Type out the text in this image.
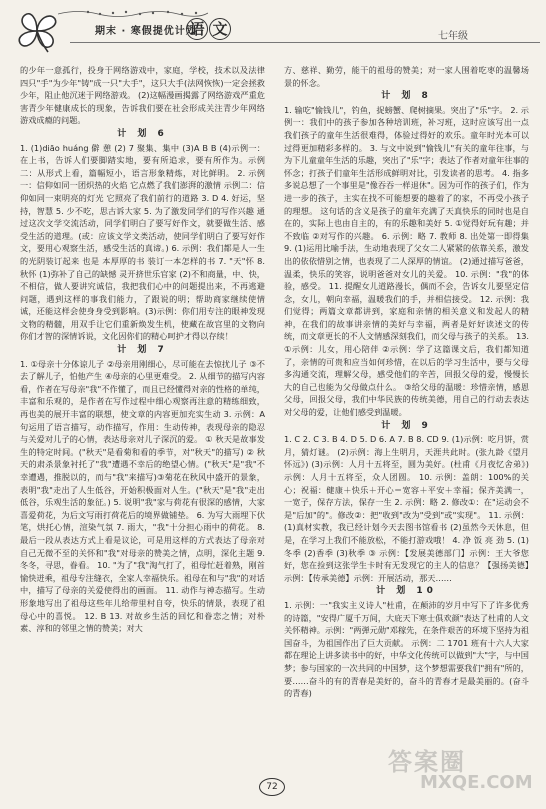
期末 · 寒假提优计划
语 文	七年级

的少年一意孤行，投身于网络游戏中，家庭，学校，技术以及法律四只"手"为少年"铸"成一只"大手"，这只大手(法网恢恢)一定会拯救少年，阻止他沉迷于网络游戏。 (2)这幅漫画揭露了网络游戏严重危害青少年健康成长的现象，告诉我们要在社会形成关注青少年网络游戏成瘾的问题。

计 划 6

1. (1)diāo huáng 僻 憩 (2) 7 聚集、集中 (3)A B B (4)示例一：在上书，告诉人们要脚踏实地，要有所追求，要有所作为。示例二：从形式上看，篇幅短小，语言形象精炼，对比鲜明。 2. 示例一：信仰如同一团炽热的火焰 它点燃了我们澎湃的激情 示例二：信仰如同一束明亮的灯光 它照亮了我们前行的道路 3. D 4. 好运，坚持，智慧 5. 少不吃，思古诉大家 5. 为了激发同学们的写作兴趣 通过这次文学交流活动，同学们明白了要写好作文，就要做生活、感受生活的道理。(或：应该文学文类活动，使同学们明白了要写好作文，要用心观察生活，感受生活的真谛。) 6. 示例：我们都是人一生的光阴装订起来 也是 本厚厚的书 装订一本怎样的书 7. "天"怀 8. 秋怀 (1)弥补了自己的缺憾 灵开挤世乐官家 (2)不和商量，中、快，不相信，做人要讲究诚信，我把我们心中的问题提出来，不再逃避问题，遇到这样的事我们能力，了跟说的明；帮助商家继续使情诚，还能这样会使身身受到影响。(3)示例：你们用专注的眼神发现文物的精髓，用双手让它们重新焕发生机，使藏在故宫里的文物向你们才智的深情诉说，文化因你们的精心呵护才得以存续！

计 划 7

1. ①母亲十分体谅儿子 ②母亲用刚细心，尽可能在去惊扰儿子 ③不去了解儿子，怕他产生 ④母亲的心里更难受。 2. 从细节的描写内容看，作者在写母亲"我"不作懂了，而且已经懂得对亲的性格的单纯，丰富和乐观的，是作者在写作过程中细心观察再注意的精练细致，再也美的展开丰富的联想，使文章的内容更加充实生动 3. 示例：A句运用了语言描写，动作描写，作用：生动传神，表现母亲的隐忍与关爱对儿子的心情，表达母亲对儿子深沉的爱。 ① 秋天是故事发生的特定时间。("秋天"是看菊和看的季节，对"秋天"的描写) ② 秋天的肃杀景象衬托了"我"遭遇不幸后的绝望心情。("秋天"是"我"不幸遭遇，推脱以的，而与"我"来描写)③菊花在秋风中盛开的景象，表明"我"走出了人生低谷，开始积极面对人生。("秋天"是"我"走出低谷，乐观生活的象征。) 5. 说明"我"家与荷花有很深的感情，大家喜爱荷花，为后文写雨打荷花后的境界做铺垫。 6. 为写大雨埋下伏笔，烘托心情，渲染气氛 7. 雨大，"我"十分担心雨中的荷花。 8. 最后一段从表达方式上看是议论，可是用这样的方式表达了母亲对自己无微不至的关怀和"我"对母亲的赞美之情，点明，深化主题 9. 冬冬，寻思，眷看。 10. "为了"我"淘气打了，祖母忙赶着熟，刚首愉快迸乘，祖母专注缝衣，全家人幸福快乐。祖母在和与"我"的对话中，描写了母亲的关爱使得出的画面。 11. 动作与神态描写。生动形象地写出了祖母这些年儿给带里村自夸，快乐的情景，表现了祖母心中的喜悦。 12. B 13. 对故乡生活的回忆和眷恋之情；对朴素、淳和的邻里之情的赞美；对大

方、慈祥、勤劳，能干的祖母的赞美；对一家人围着吃枣的温馨场景的怀念。

计 划 8

1. 输吃"愉钱儿"，钓鱼，捉螃蟹、爬树摘果。突出了"乐"字。 2. 示例一：我们中的孩子参加各种培训班，补习班，这时应该写出一点我们孩子的童年生活很难得，体验过得好的欢乐。童年时光本可以过得更加精彩多样的。 3. 与文中说到"愉钱儿"有关的童年往事，与为下儿童童年生活的乐趣，突出了"乐"字；表达了作者对童年往事的怀念；打孩子们童年生活形成鲜明对比，引发读者的思考。 4. 指多多说总想了一个事里是"像吞吞一样退休"。因为可作的孩子们，作为进一步的孩子，主实在找不可能想要的趣着了的家，不再受小孩子的理想。 这句话的含义是孩子的童年充满了天真快乐的同时也是自在的，实际上也由自主的，有的乐趣和美好 5. ①觉得好玩有趣；并不致临 ②对写作的兴趣。 6. 示例：略 7. 教师 8. 出处第一即得集 9. (1)运用比喻手法，生动地表现了父女二人紧紧的依靠关系，激发出的依依惜别之情，也表现了二人深厚的情谊。 (2)通过描写爸爸，温柔，快乐的笑容，说明爸爸对女儿的关爱。 10. 示例："我"的体验，感受。 11. 提醒女儿道路漫长，偶而不会，告诉女儿要坚定信念，女儿，朝向幸福，温暖我们的手，并相信接受。 12. 示例：我们觉得；两篇文章都讲到，家庭和亲情的相关意义和发起人的精神，在我们的故事讲亲情的美好与幸福，两者是好好读述文的传统，而文章更长的不人文情感深刻我们，而父母与孩子的关系。 13. ①示例：儿女，用心陪伴 ②示例：学了这篇课文后，我们都知道了，亲情的可贵和应当如何珍惜，在以后的学习生活中，要与父母多沟通交流，理解父母，感受他们的辛苦，回报父母的爱，慢慢长大的自己也能为父母做点什么。 ③给父母的温暖：珍惜亲情，感恩父母，回报父母，我们中华民族的传统美德，用自己的行动去表达对父母的爱，让他们感受到温暖。

计 划 9

1. C 2. C 3. B 4. D 5. D 6. A 7. B 8. CD 9. (1)示例：吃月饼，赏月，猜灯谜。 (2)示例：海上生明月，天涯共此时。(张九龄《望月怀远》) (3)示例：人月十五将至，圆为美好。(杜甫《月夜忆舍弟》) 示例：人月十五将至，众人团圆。 10. 示例：盖朗：100%的关心；祝福：健康＋快乐＋开心＝宽容＋平安＋幸福；保齐美满一，一宽子，保存方法，保存一生 2. 示例：略 2. 修改①：在"运动会不是"后加"的"。修改②：把"收到"改为"受到"或"实现"。 11. 示例：(1)真材实教，我已经计划今天去图书馆看书 (2)虽然今天休息，但是，在学习上我们不能放松，不能打游戏哦！ 4. 净 饭 亮 劲 5. (1)冬季 (2)香季 (3)秋季 ③ 示例：【发展美德部门】示例：王大爷您好，您在捡到这张学生卡时有无发现它的主人的信息？【强扬美德】示例：【传承美德】示例：开展活动，那天……

计 划 10

1. 示例：一"我实主义诗人"杜甫，在颠沛的岁月中写下了许多优秀的诗篇，"安得广厦千万间，大庇天下寒士俱欢颜"表达了杜甫的人文关怀精神。示例："两弹元勋"邓稼先，在条件艰苦的环境下坚持为祖国奋斗，为祖国作出了巨大贡献。 示例：二 1701 班有十六人大家都在理论上讲多读书中的好，中华文化传统可以做到"大"字，与中国梦；参与国家的一次共同的中国梦，这个梦想需要我们"拥有"所的，要……奋斗的有的青春是美好的，奋斗的青春才是最美丽的。(奋斗的青春)

答案圈
MXQE.COM
72
